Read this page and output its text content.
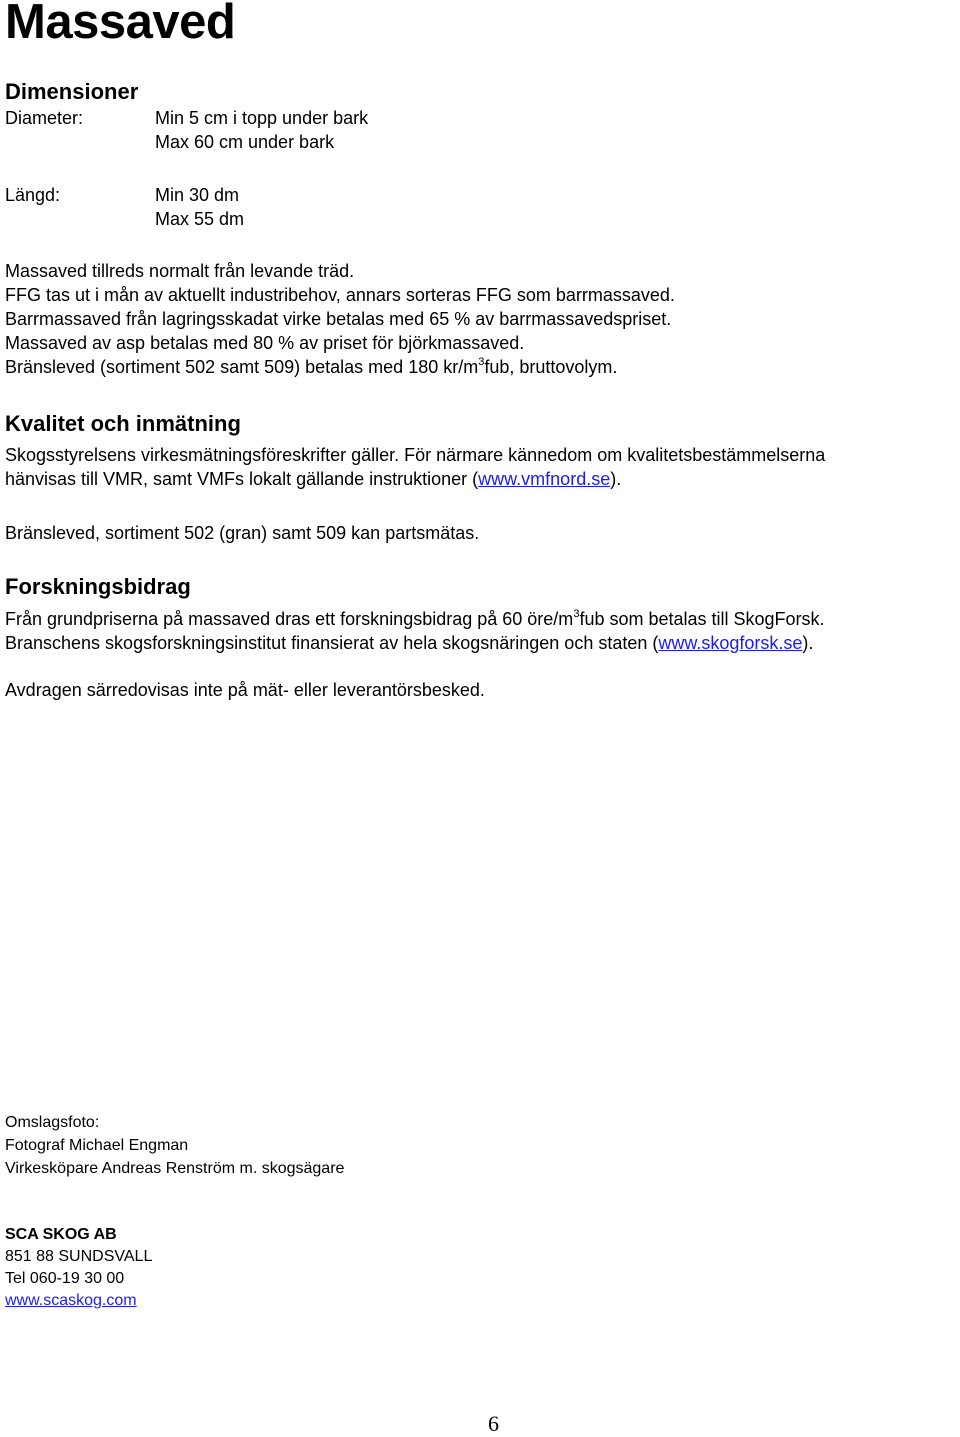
Massaved
Dimensioner
Diameter:	Min 5 cm i topp under bark
Max 60 cm under bark
Längd:	Min 30 dm
Max 55 dm
Massaved tillreds normalt från levande träd.
FFG tas ut i mån av aktuellt industribehov, annars sorteras FFG som barrmassaved.
Barrmassaved från lagringsskadat virke betalas med 65 % av barrmassavedspriset.
Massaved av asp betalas med 80 % av priset för björkmassaved.
Bränsleved (sortiment 502 samt 509) betalas med 180 $kr/m^3fub$, bruttovolym.
Kvalitet och inmätning
Skogsstyrelsens virkesmätningsföreskrifter gäller. För närmare kännedom om kvalitetsbestämmelserna
hänvisas till VMR, samt VMFs lokalt gällande instruktioner (www.vmfnord.se).
Bränsleved, sortiment 502 (gran) samt 509 kan partsmätas.
Forskningsbidrag
Från grundpriserna på massaved dras ett forskningsbidrag på 60 öre/$m^3fub$ som betalas till SkogForsk.
Branschens skogsforskningsinstitut finansierat av hela skogsnäringen och staten (www.skogforsk.se).
Avdragen särredovisas inte på mät- eller leverantörsbesked.
Omslagsfoto:
Fotograf Michael Engman
Virkesköpare Andreas Renström m. skogsägare
SCA SKOG AB
851 88 SUNDSVALL
Tel 060-19 30 00
www.scaskog.com
6
